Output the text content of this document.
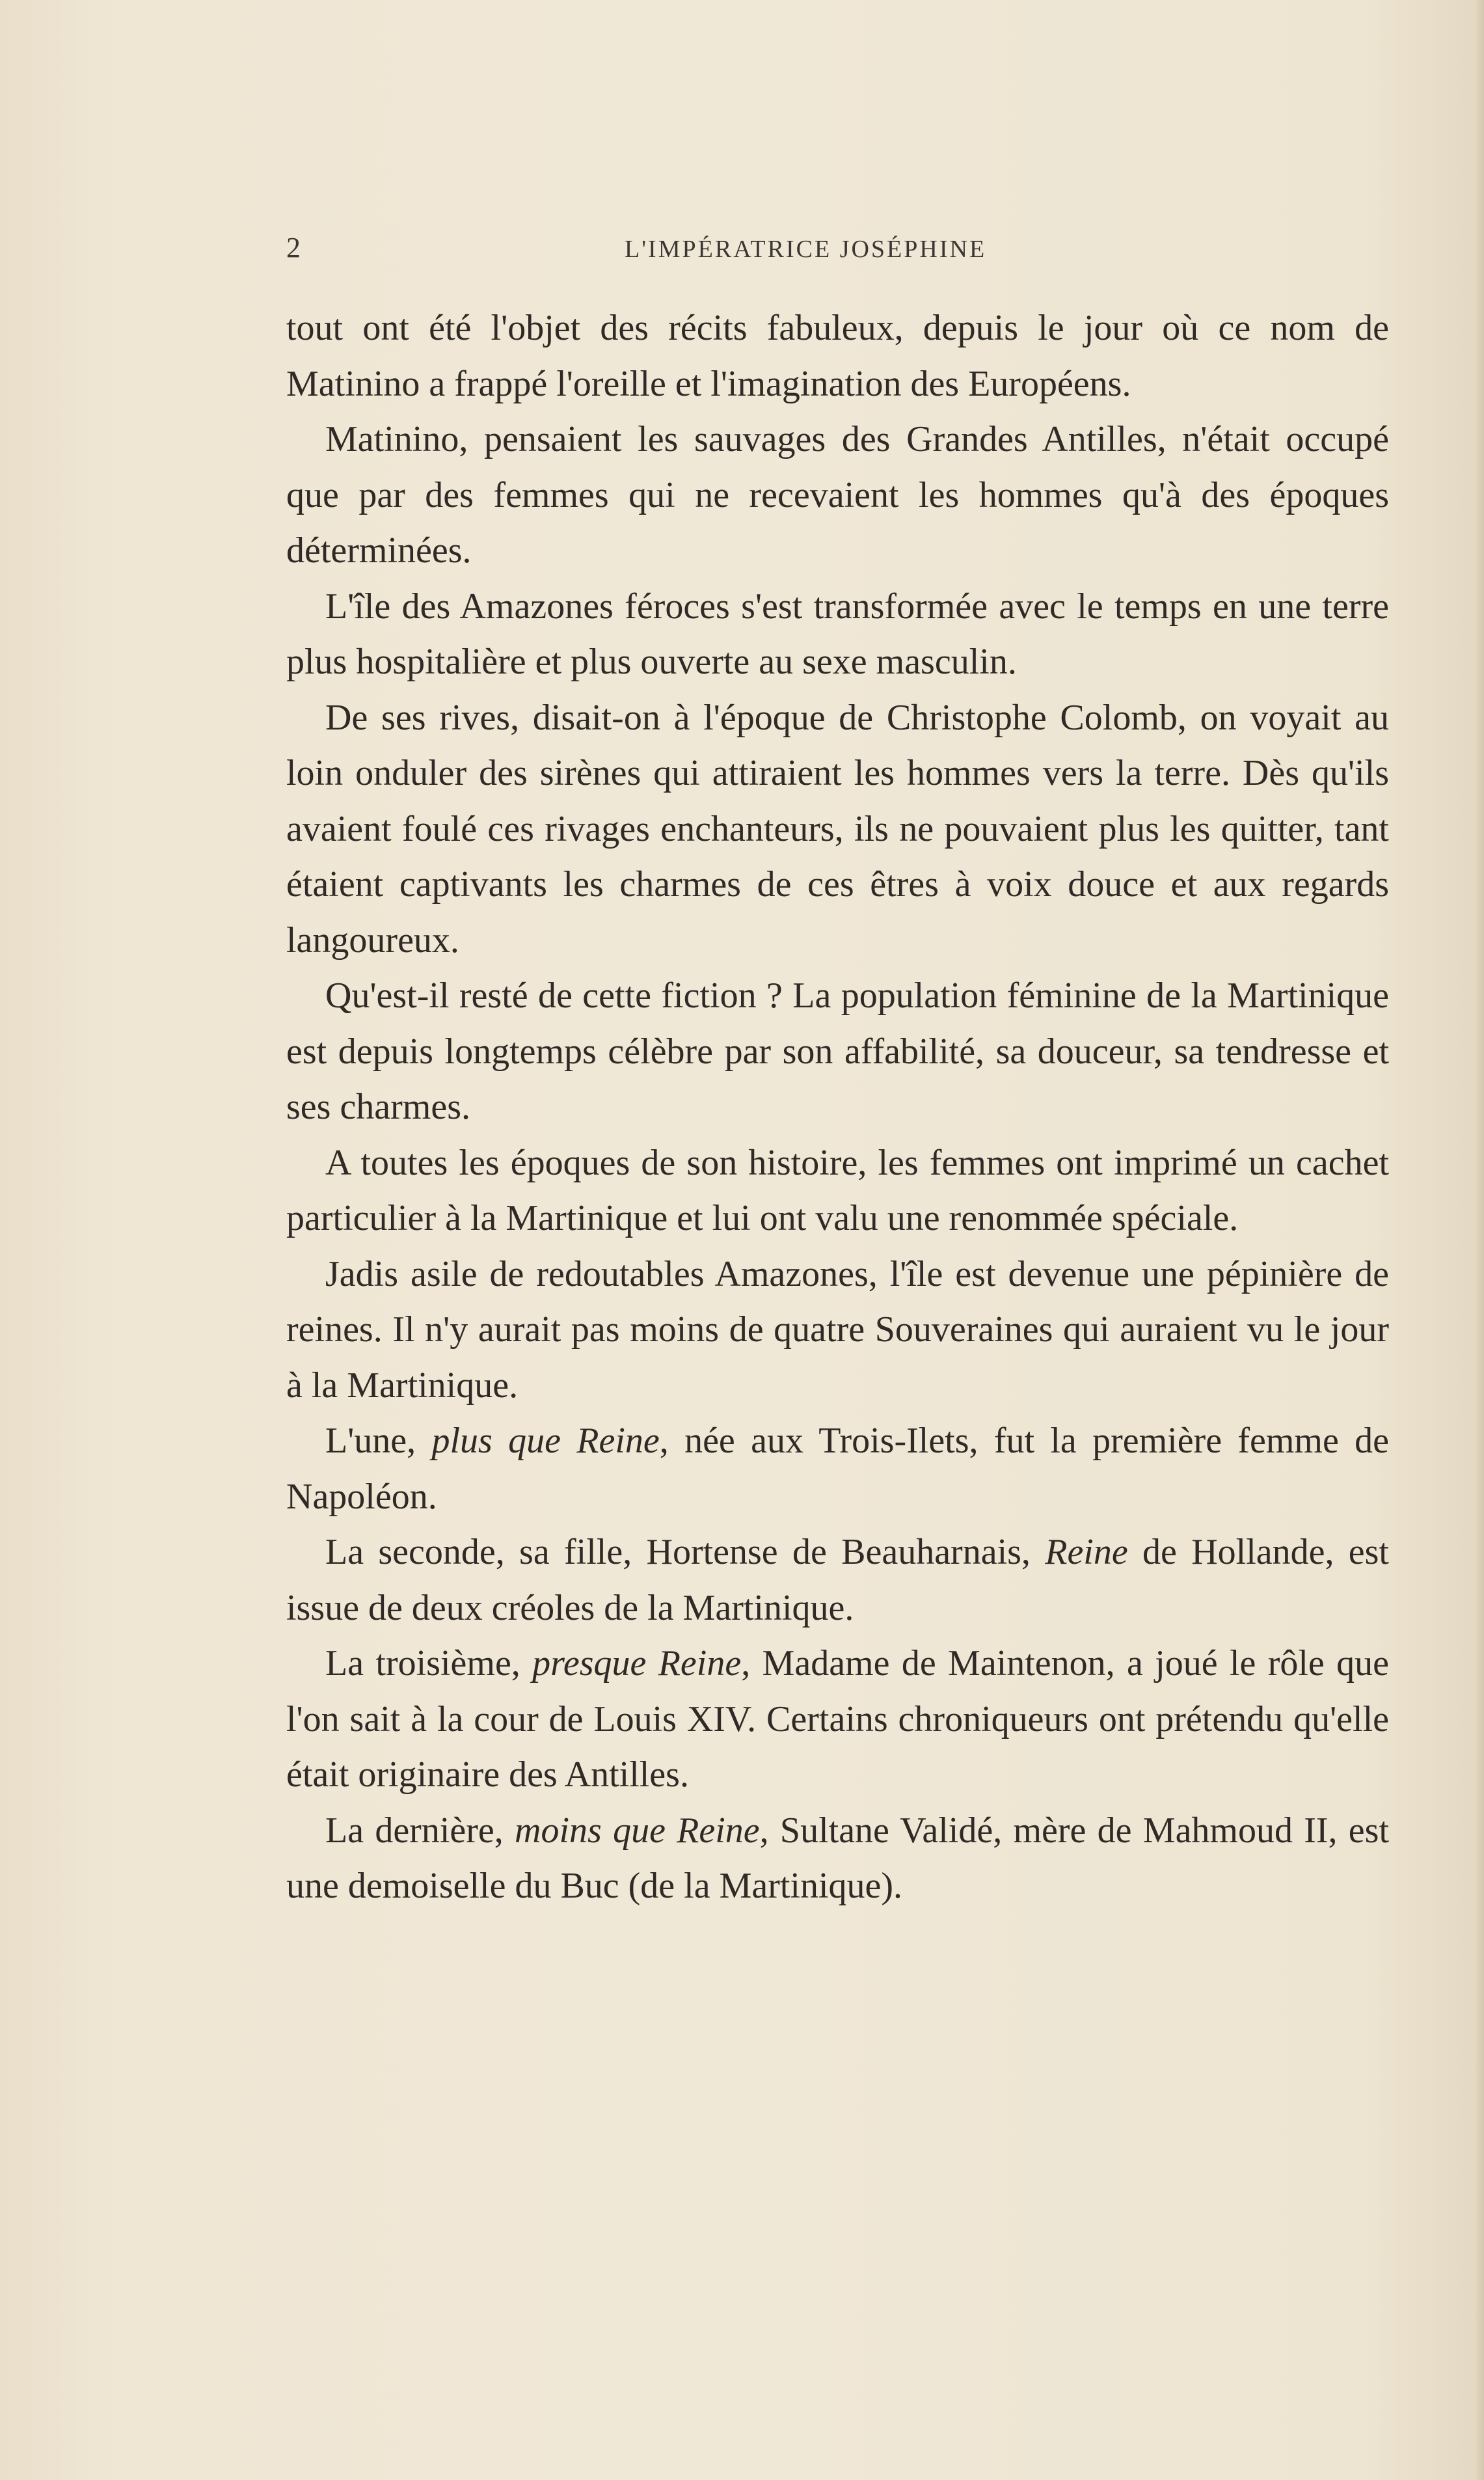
2	L'IMPÉRATRICE JOSÉPHINE

tout ont été l'objet des récits fabuleux, depuis le jour où ce nom de Matinino a frappé l'oreille et l'imagination des Européens.

Matinino, pensaient les sauvages des Grandes Antilles, n'était occupé que par des femmes qui ne recevaient les hommes qu'à des époques déterminées.

L'île des Amazones féroces s'est transformée avec le temps en une terre plus hospitalière et plus ouverte au sexe masculin.

De ses rives, disait-on à l'époque de Christophe Colomb, on voyait au loin onduler des sirènes qui attiraient les hommes vers la terre. Dès qu'ils avaient foulé ces rivages enchanteurs, ils ne pouvaient plus les quitter, tant étaient captivants les charmes de ces êtres à voix douce et aux regards langoureux.

Qu'est-il resté de cette fiction ? La population féminine de la Martinique est depuis longtemps célèbre par son affabilité, sa douceur, sa tendresse et ses charmes.

A toutes les époques de son histoire, les femmes ont imprimé un cachet particulier à la Martinique et lui ont valu une renommée spéciale.

Jadis asile de redoutables Amazones, l'île est devenue une pépinière de reines. Il n'y aurait pas moins de quatre Souveraines qui auraient vu le jour à la Martinique.

L'une, plus que Reine, née aux Trois-Ilets, fut la première femme de Napoléon.

La seconde, sa fille, Hortense de Beauharnais, Reine de Hollande, est issue de deux créoles de la Martinique.

La troisième, presque Reine, Madame de Maintenon, a joué le rôle que l'on sait à la cour de Louis XIV. Certains chroniqueurs ont prétendu qu'elle était originaire des Antilles.

La dernière, moins que Reine, Sultane Validé, mère de Mahmoud II, est une demoiselle du Buc (de la Martinique).
